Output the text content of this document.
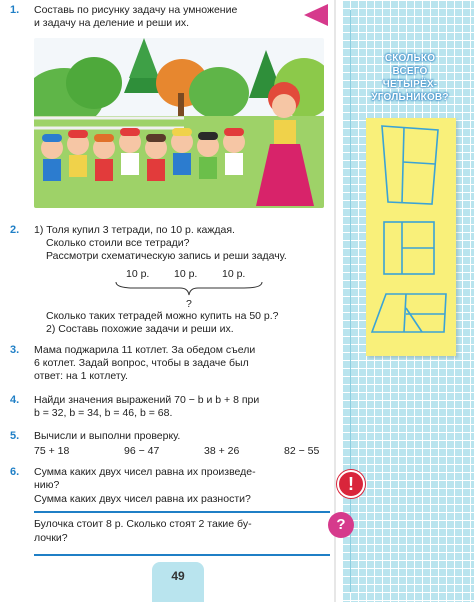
СКОЛЬКО
ВСЕГО
ЧЕТЫРЁХ-
УГОЛЬНИКОВ?
1. Составь по рисунку задачу на умножение
и задачу на деление и реши их.
2. 1) Толя купил 3 тетради, по 10 р. каждая.
Сколько стоили все тетради?
Рассмотри схематическую запись и реши задачу.
10 р. 10 р. 10 р.
?
Сколько таких тетрадей можно купить на 50 р.?
2) Составь похожие задачи и реши их.
3. Мама поджарила 11 котлет. За обедом съели
6 котлет. Задай вопрос, чтобы в задаче был
ответ: на 1 котлету.
4. Найди значения выражений 70 − b и b + 8 при
b = 32, b = 34, b = 46, b = 68.
5. Вычисли и выполни проверку.
75 + 18	96 − 47	38 + 26	82 − 55
6. Сумма каких двух чисел равна их произведе-
нию?
Сумма каких двух чисел равна их разности?
!
Булочка стоит 8 р. Сколько стоят 2 такие бу-
лочки?
?
49
